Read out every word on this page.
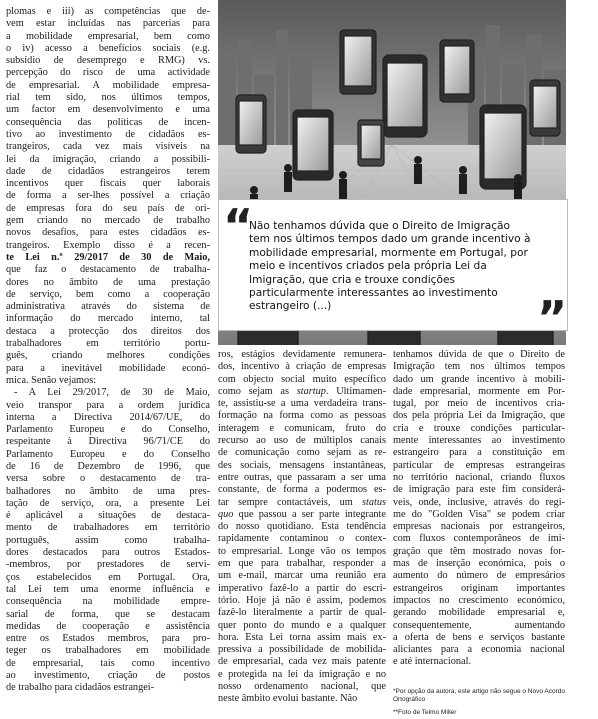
“
Não tenhamos dúvida que o Direito de Imigração tem nos últimos tempos dado um grande incentivo à mobilidade empresarial, mormente em Portugal, por meio e incentivos criados pela própria Lei da Imigração, que cria e trouxe condições particularmente interessantes ao investimento estrangeiro (...)	”
plomas e iii) as competências que de-
vem estar incluídas nas parcerias para
a mobilidade empresarial, bem como
o iv) acesso a benefícios sociais (e.g.
subsídio de desemprego e RMG) vs.
percepção do risco de uma actividade
de empresarial. A mobilidade empresa-
rial tem sido, nos últimos tempos,
um factor em desenvolvimento e uma
consequência das políticas de incen-
tivo ao investimento de cidadãos es-
trangeiros, cada vez mais visíveis na
lei da imigração, criando a possibili-
dade de cidadãos estrangeiros terem
incentivos quer fiscais quer laborais
de forma a ser-lhes possível a criação
de empresas fora do seu país de ori-
gem criando no mercado de trabalho
novos desafios, para estes cidadãos es-
trangeiros. Exemplo disso é a recen-
te Lei n.º 29/2017 de 30 de Maio,
que faz o destacamento de trabalha-
dores no âmbito de uma prestação
de serviço, bem como a cooperação
administrativa através do sistema de
informação do mercado interno, tal
destaca a protecção dos direitos dos
trabalhadores em território portu-
guês, criando melhores condições
para a inevitável mobilidade econó-
mica. Senão vejamos:
- A Lei 29/2017, de 30 de Maio,
veio transpor para a ordem jurídica
interna a Directiva 2014/67/UE, do
Parlamento Europeu e do Conselho,
respeitante à Directiva 96/71/CE do
Parlamento Europeu e do Conselho
de 16 de Dezembro de 1996, que
versa sobre o destacamento de tra-
balhadores no âmbito de uma pres-
tação de serviço, ora, a presente Lei
é aplicável a situações de destaca-
mento de trabalhadores em território
português, assim como trabalha-
dores destacados para outros Estados-
-membros, por prestadores de servi-
ços estabelecidos em Portugal. Ora,
tal Lei tem uma enorme influência e
consequência na mobilidade empre-
sarial de forma, que se destacam
medidas de cooperação e assistência
entre os Estados membros, para pro-
teger os trabalhadores em mobilidade
de empresarial, tais como incentivo
ao investimento, criação de postos
de trabalho para cidadãos estrangei-
ros, estágios devidamente remunera-
dos, incentivo à criação de empresas
com objecto social muito específico
como sejam as startup. Ultimamen-
te, assistiu-se a uma verdadeira trans-
formação na forma como as pessoas
interagem e comunicam, fruto do
recurso ao uso de múltiplos canais
de comunicação como sejam as re-
des sociais, mensagens instantâneas,
entre outras, que passaram a ser uma
constante, de forma a podermos es-
tar sempre contactáveis, um status
quo que passou a ser parte integrante
do nosso quotidiano. Esta tendência
rapidamente contaminou o contex-
to empresarial. Longe vão os tempos
em que para trabalhar, responder a
um e-mail, marcar uma reunião era
imperativo fazê-lo a partir do escri-
tório. Hoje já não é assim, podemos
fazê-lo literalmente a partir de qual-
quer ponto do mundo e a qualquer
hora. Esta Lei torna assim mais ex-
pressiva a possibilidade de mobilida-
de empresarial, cada vez mais patente
e protegida na lei da imigração e no
nosso ordenamento nacional, que
neste âmbito evolui bastante. Não
tenhamos dúvida de que o Direito de
Imigração tem nos últimos tempos
dado um grande incentivo à mobili-
dade empresarial, mormente em Por-
tugal, por meio de incentivos cria-
dos pela própria Lei da Imigração, que
cria e trouxe condições particular-
mente interessantes ao investimento
estrangeiro para a constituição em
particular de empresas estrangeiras
no território nacional, criando fluxos
de imigração para este fim considerá-
veis, onde, inclusive, através do regi-
me do "Golden Visa" se podem criar
empresas nacionais por estrangeiros,
com fluxos contemporâneos de imi-
gração que têm mostrado novas for-
mas de inserção económica, pois o
aumento do número de empresários
estrangeiros originam importantes
impactos no crescimento económico,
gerando mobilidade empresarial e,
consequentemente, aumentando
a oferta de bens e serviços bastante
aliciantes para a economia nacional
e até internacional.
*Por opção da autora, este artigo não segue o Novo Acordo
Ortográfico
**Foto de Telmo Miller
